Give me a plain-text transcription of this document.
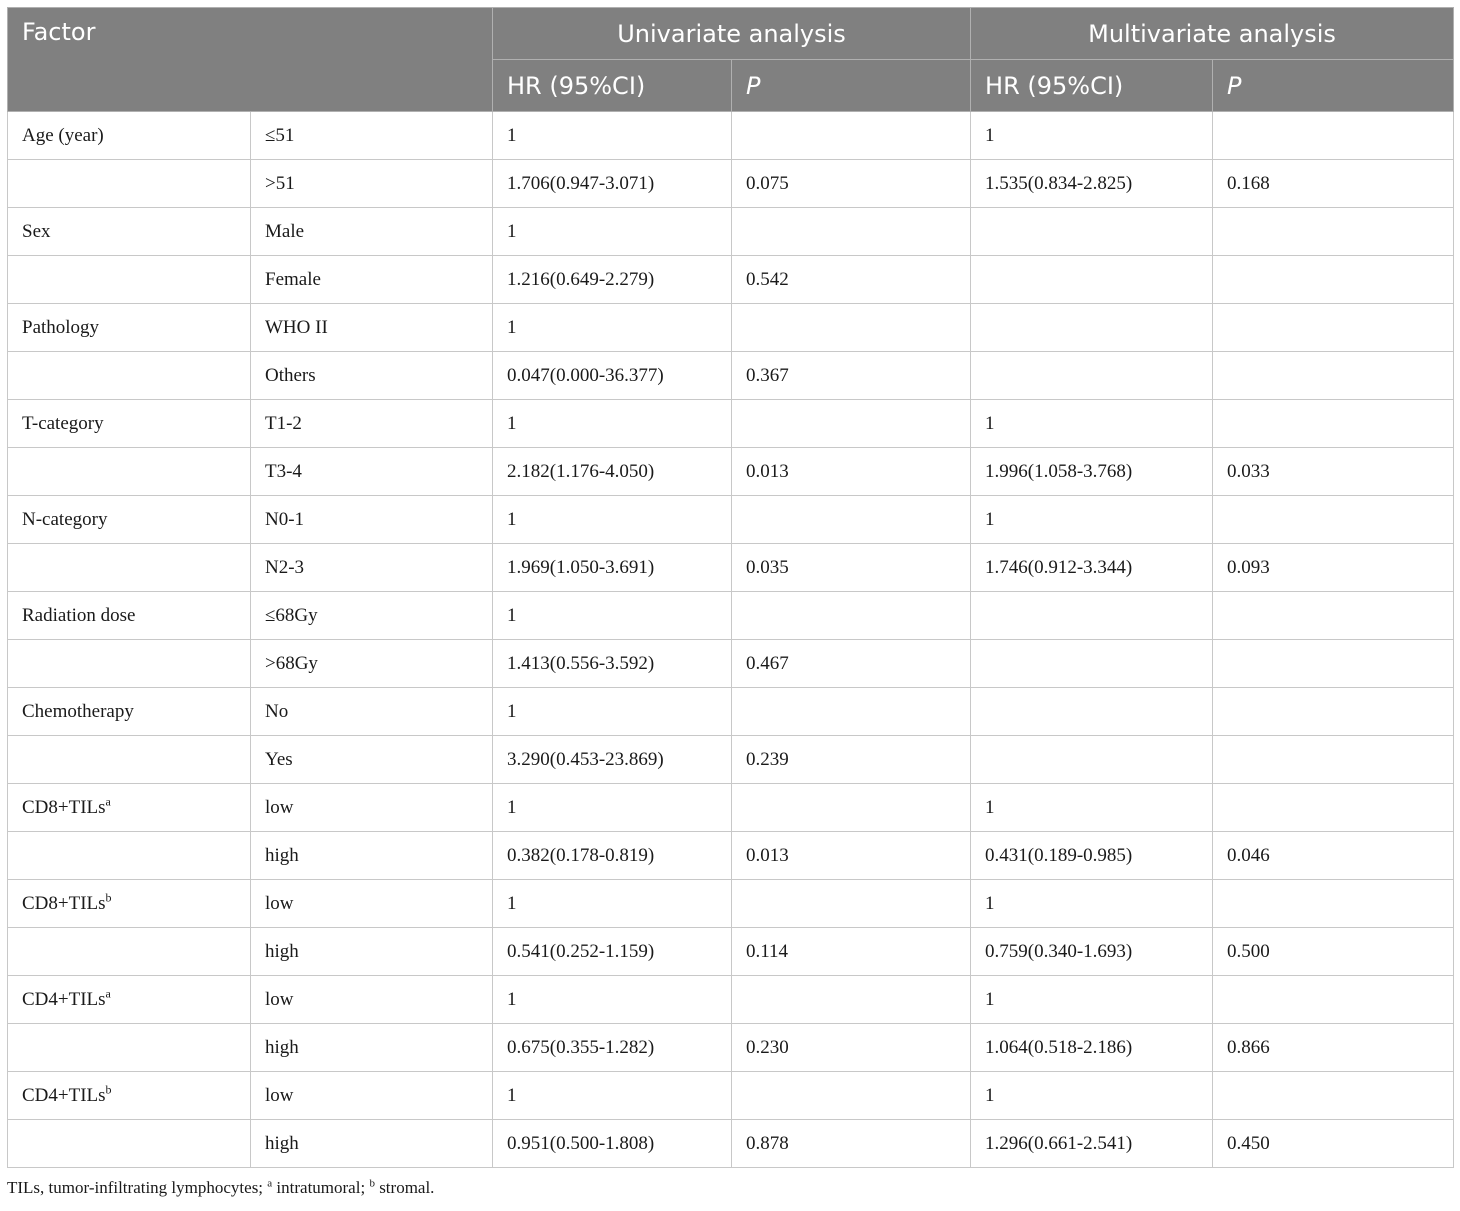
Factor		Univariate analysis		Multivariate analysis	
		HR (95%CI)	P	HR (95%CI)	P
Age (year)	≤51	1		1	
	>51	1.706(0.947-3.071)	0.075	1.535(0.834-2.825)	0.168
Sex	Male	1			
	Female	1.216(0.649-2.279)	0.542		
Pathology	WHO II	1			
	Others	0.047(0.000-36.377)	0.367		
T-category	T1-2	1		1	
	T3-4	2.182(1.176-4.050)	0.013	1.996(1.058-3.768)	0.033
N-category	N0-1	1		1	
	N2-3	1.969(1.050-3.691)	0.035	1.746(0.912-3.344)	0.093
Radiation dose	≤68Gy	1			
	>68Gy	1.413(0.556-3.592)	0.467		
Chemotherapy	No	1			
	Yes	3.290(0.453-23.869)	0.239		
CD8+TILs$^a$	low	1		1	
	high	0.382(0.178-0.819)	0.013	0.431(0.189-0.985)	0.046
CD8+TILs$^b$	low	1		1	
	high	0.541(0.252-1.159)	0.114	0.759(0.340-1.693)	0.500
CD4+TILs$^a$	low	1		1	
	high	0.675(0.355-1.282)	0.230	1.064(0.518-2.186)	0.866
CD4+TILs$^b$	low	1		1	
	high	0.951(0.500-1.808)	0.878	1.296(0.661-2.541)	0.450
TILs, tumor-infiltrating lymphocytes; $^a$ intratumoral; $^b$ stromal.
